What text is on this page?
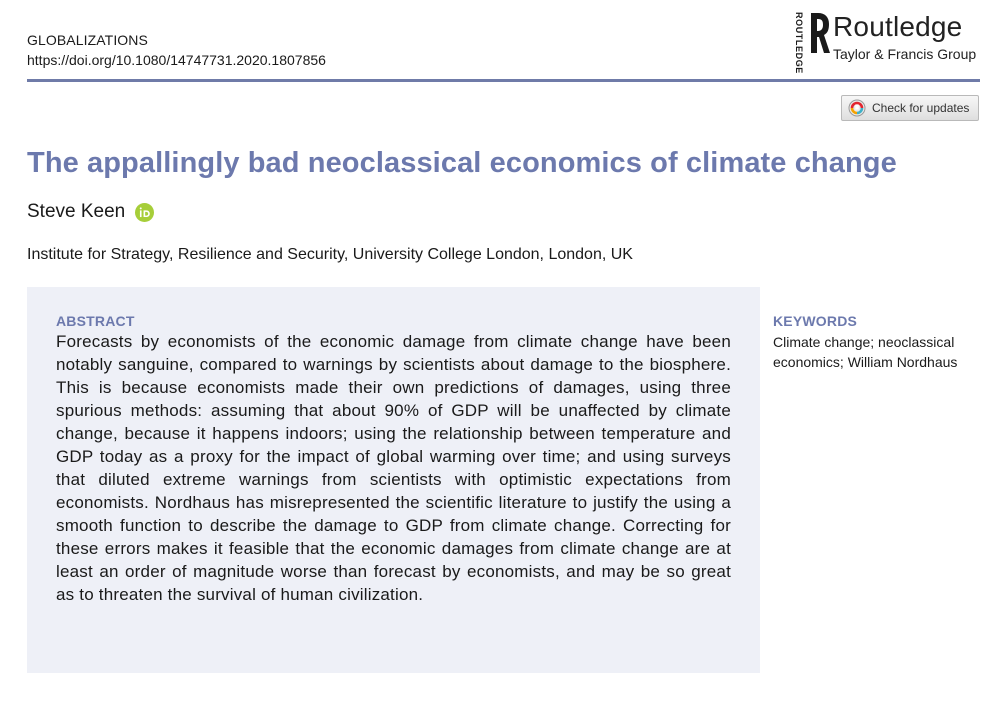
GLOBALIZATIONS
https://doi.org/10.1080/14747731.2020.1807856	ROUTLEDGE Routledge
Taylor & Francis Group
Check for updates
The appallingly bad neoclassical economics of climate change
Steve Keen
Institute for Strategy, Resilience and Security, University College London, London, UK
ABSTRACT

Forecasts by economists of the economic damage from climate change have been notably sanguine, compared to warnings by scientists about damage to the biosphere. This is because economists made their own predictions of damages, using three spurious methods: assuming that about 90% of GDP will be unaffected by climate change, because it happens indoors; using the relationship between temperature and GDP today as a proxy for the impact of global warming over time; and using surveys that diluted extreme warnings from scientists with optimistic expectations from economists. Nordhaus has misrepresented the scientific literature to justify the using a smooth function to describe the damage to GDP from climate change. Correcting for these errors makes it feasible that the economic damages from climate change are at least an order of magnitude worse than forecast by economists, and may be so great as to threaten the survival of human civilization.

KEYWORDS

Climate change; neoclassical economics; William Nordhaus
